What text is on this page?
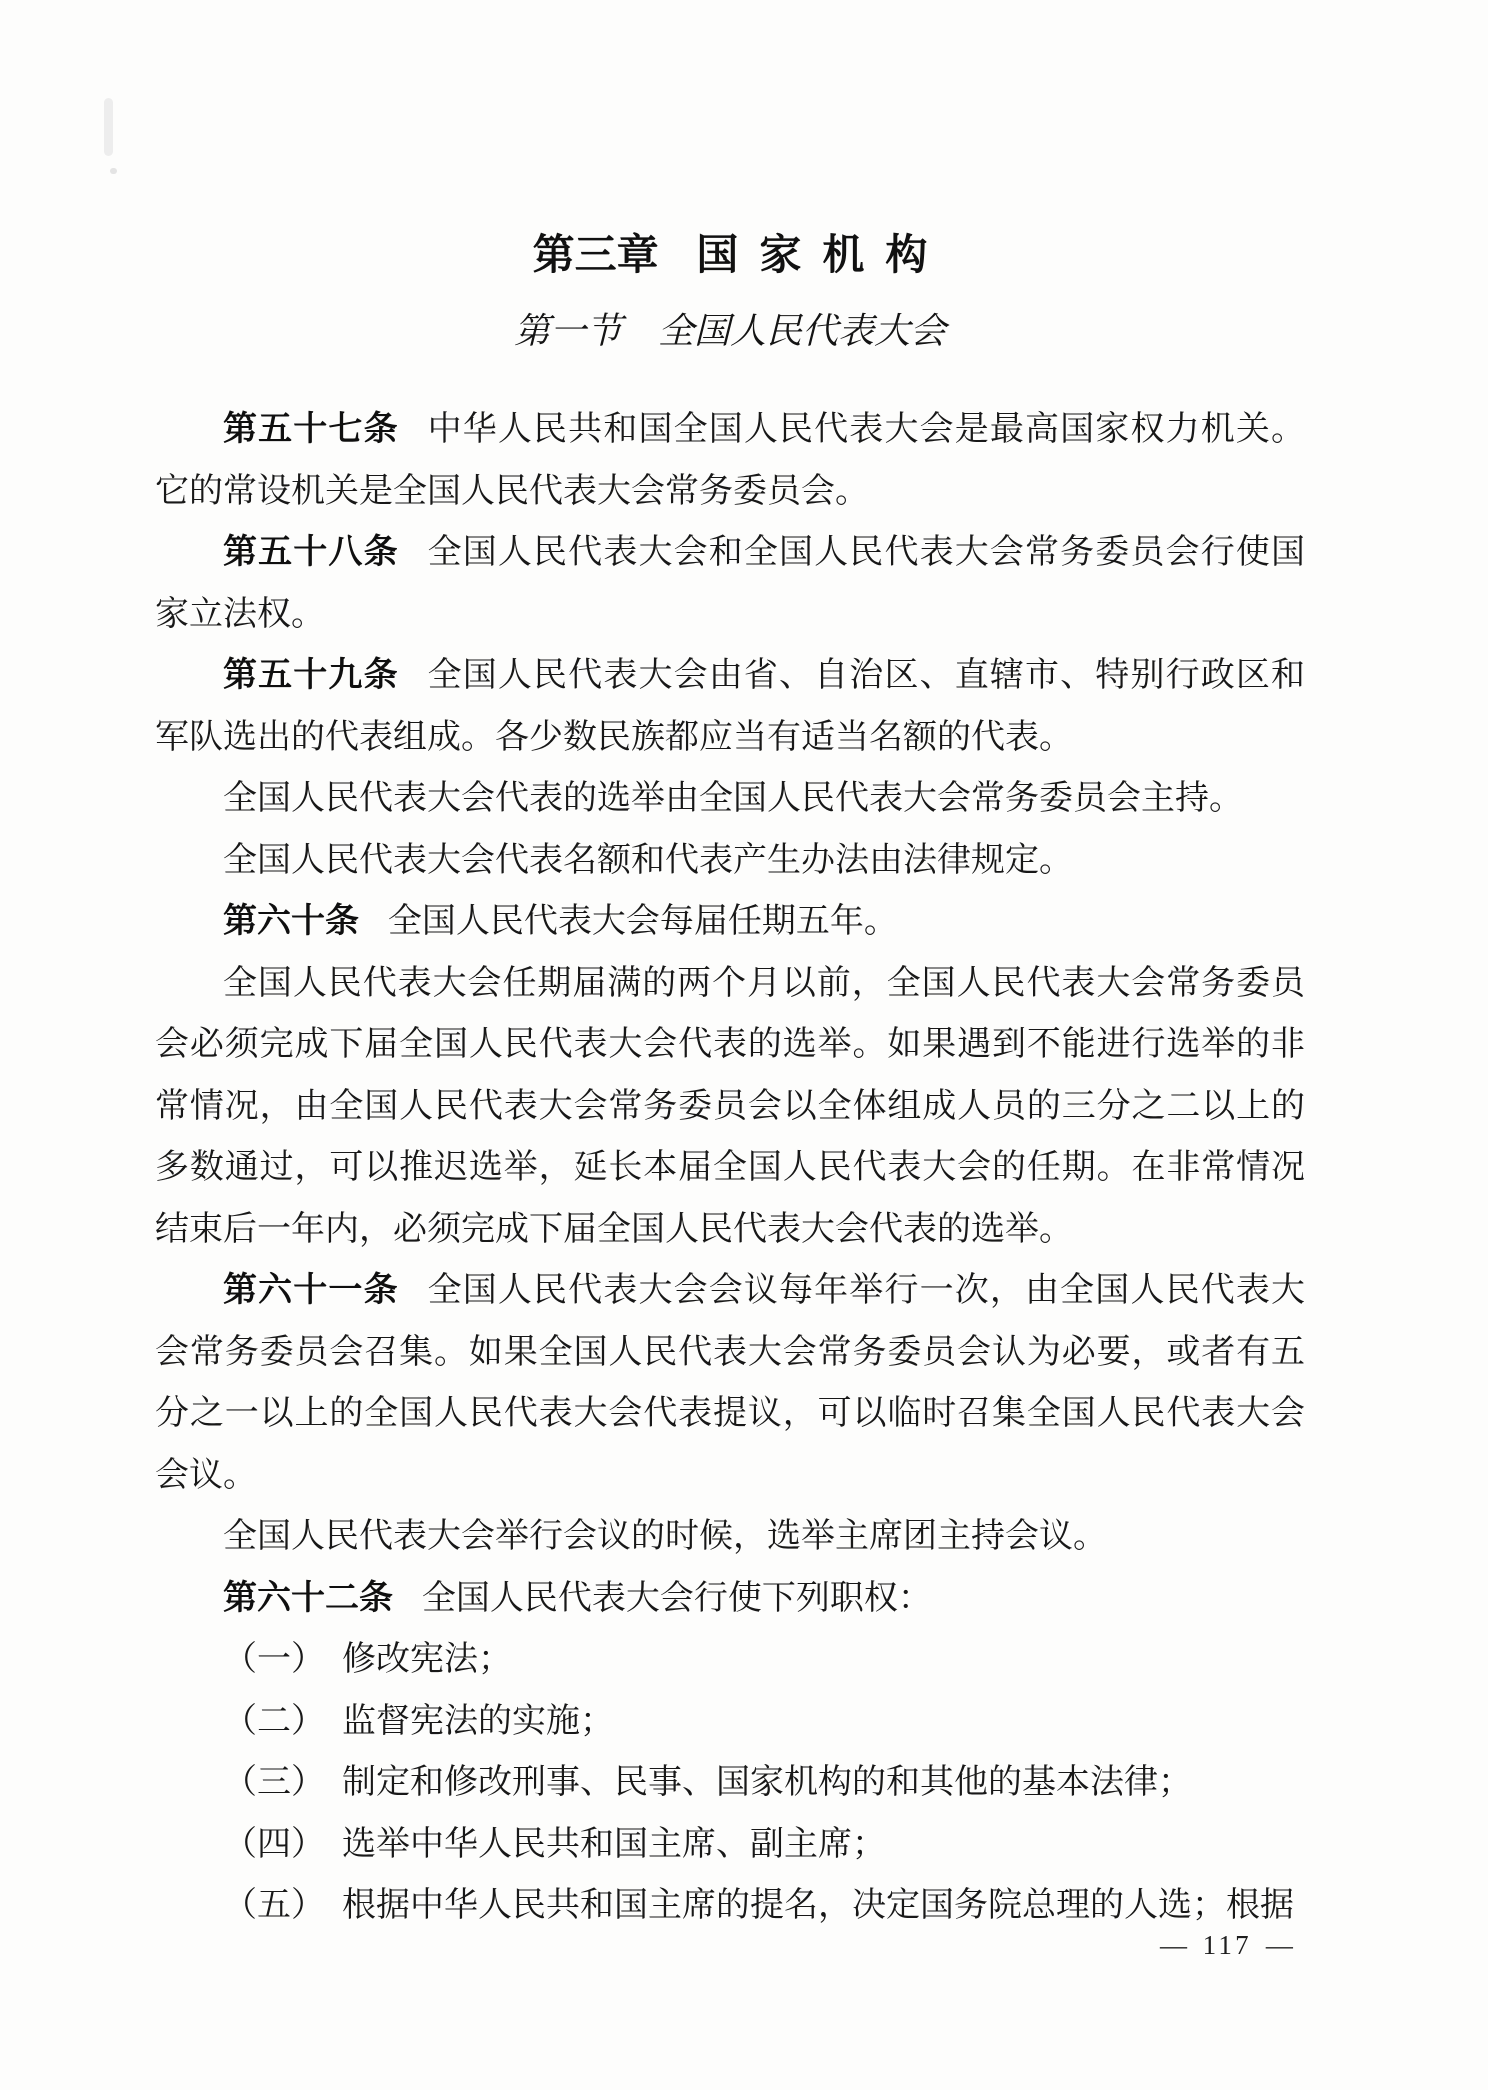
第三章 国家机构
第一节 全国人民代表大会

第五十七条 中华人民共和国全国人民代表大会是最高国家权力机关。它的常设机关是全国人民代表大会常务委员会。

第五十八条 全国人民代表大会和全国人民代表大会常务委员会行使国家立法权。

第五十九条 全国人民代表大会由省、自治区、直辖市、特别行政区和军队选出的代表组成。各少数民族都应当有适当名额的代表。

全国人民代表大会代表的选举由全国人民代表大会常务委员会主持。

全国人民代表大会代表名额和代表产生办法由法律规定。

第六十条 全国人民代表大会每届任期五年。

全国人民代表大会任期届满的两个月以前，全国人民代表大会常务委员会必须完成下届全国人民代表大会代表的选举。如果遇到不能进行选举的非常情况，由全国人民代表大会常务委员会以全体组成人员的三分之二以上的多数通过，可以推迟选举，延长本届全国人民代表大会的任期。在非常情况结束后一年内，必须完成下届全国人民代表大会代表的选举。

第六十一条 全国人民代表大会会议每年举行一次，由全国人民代表大会常务委员会召集。如果全国人民代表大会常务委员会认为必要，或者有五分之一以上的全国人民代表大会代表提议，可以临时召集全国人民代表大会会议。

全国人民代表大会举行会议的时候，选举主席团主持会议。

第六十二条 全国人民代表大会行使下列职权：

（一） 修改宪法；

（二） 监督宪法的实施；

（三） 制定和修改刑事、民事、国家机构的和其他的基本法律；

（四） 选举中华人民共和国主席、副主席；

（五） 根据中华人民共和国主席的提名，决定国务院总理的人选；根据

— 117 —
